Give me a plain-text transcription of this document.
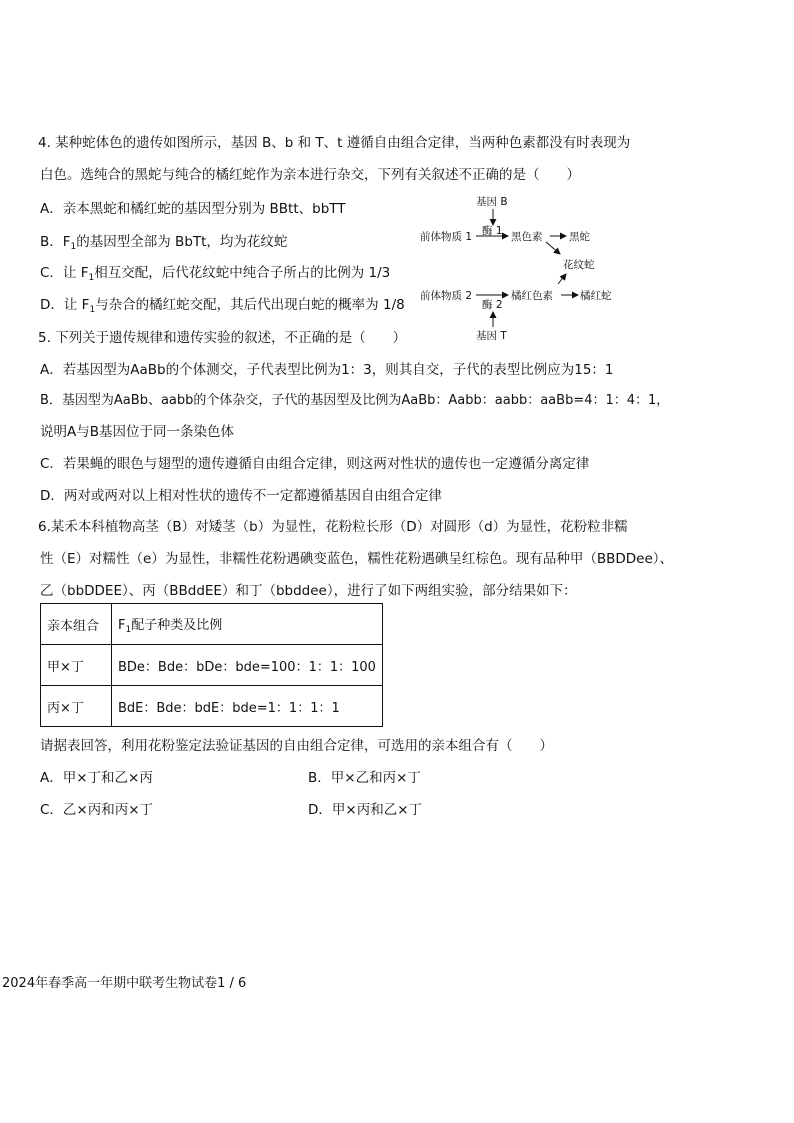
4. 某种蛇体色的遗传如图所示，基因 B、b 和 T、t 遵循自由组合定律，当两种色素都没有时表现为
白色。选纯合的黑蛇与纯合的橘红蛇作为亲本进行杂交，下列有关叙述不正确的是（　　）
A．亲本黑蛇和橘红蛇的基因型分别为 BBtt、bbTT
B．$F_1$的基因型全部为 BbTt，均为花纹蛇
C．让 $F_1$相互交配，后代花纹蛇中纯合子所占的比例为 1/3
D．让 $F_1$与杂合的橘红蛇交配，其后代出现白蛇的概率为 1/8
基因 B
酶 1
前体物质 1	黑色素	黑蛇
花纹蛇
前体物质 2	橘红色素	橘红蛇
酶 2
基因 T
5. 下列关于遗传规律和遗传实验的叙述，不正确的是（　　）
A．若基因型为AaBb的个体测交，子代表型比例为1：3，则其自交，子代的表型比例应为15：1
B．基因型为AaBb、aabb的个体杂交，子代的基因型及比例为AaBb：Aabb：aabb：aaBb=4：1：4：1，
说明A与B基因位于同一条染色体
C．若果蝇的眼色与翅型的遗传遵循自由组合定律，则这两对性状的遗传也一定遵循分离定律
D．两对或两对以上相对性状的遗传不一定都遵循基因自由组合定律
6.某禾本科植物高茎（B）对矮茎（b）为显性，花粉粒长形（D）对圆形（d）为显性，花粉粒非糯
性（E）对糯性（e）为显性，非糯性花粉遇碘变蓝色，糯性花粉遇碘呈红棕色。现有品种甲（BBDDee）、
乙（bbDDEE）、丙（BBddEE）和丁（bbddee），进行了如下两组实验，部分结果如下：
亲本组合	$F_1$配子种类及比例
甲×丁	BDe：Bde：bDe：bde=100：1：1：100
丙×丁	BdE：Bde：bdE：bde=1：1：1：1
请据表回答，利用花粉鉴定法验证基因的自由组合定律，可选用的亲本组合有（　　）
A．甲×丁和乙×丙	B．甲×乙和丙×丁
C．乙×丙和丙×丁	D．甲×丙和乙×丁
2024年春季高一年期中联考生物试卷1 / 6
